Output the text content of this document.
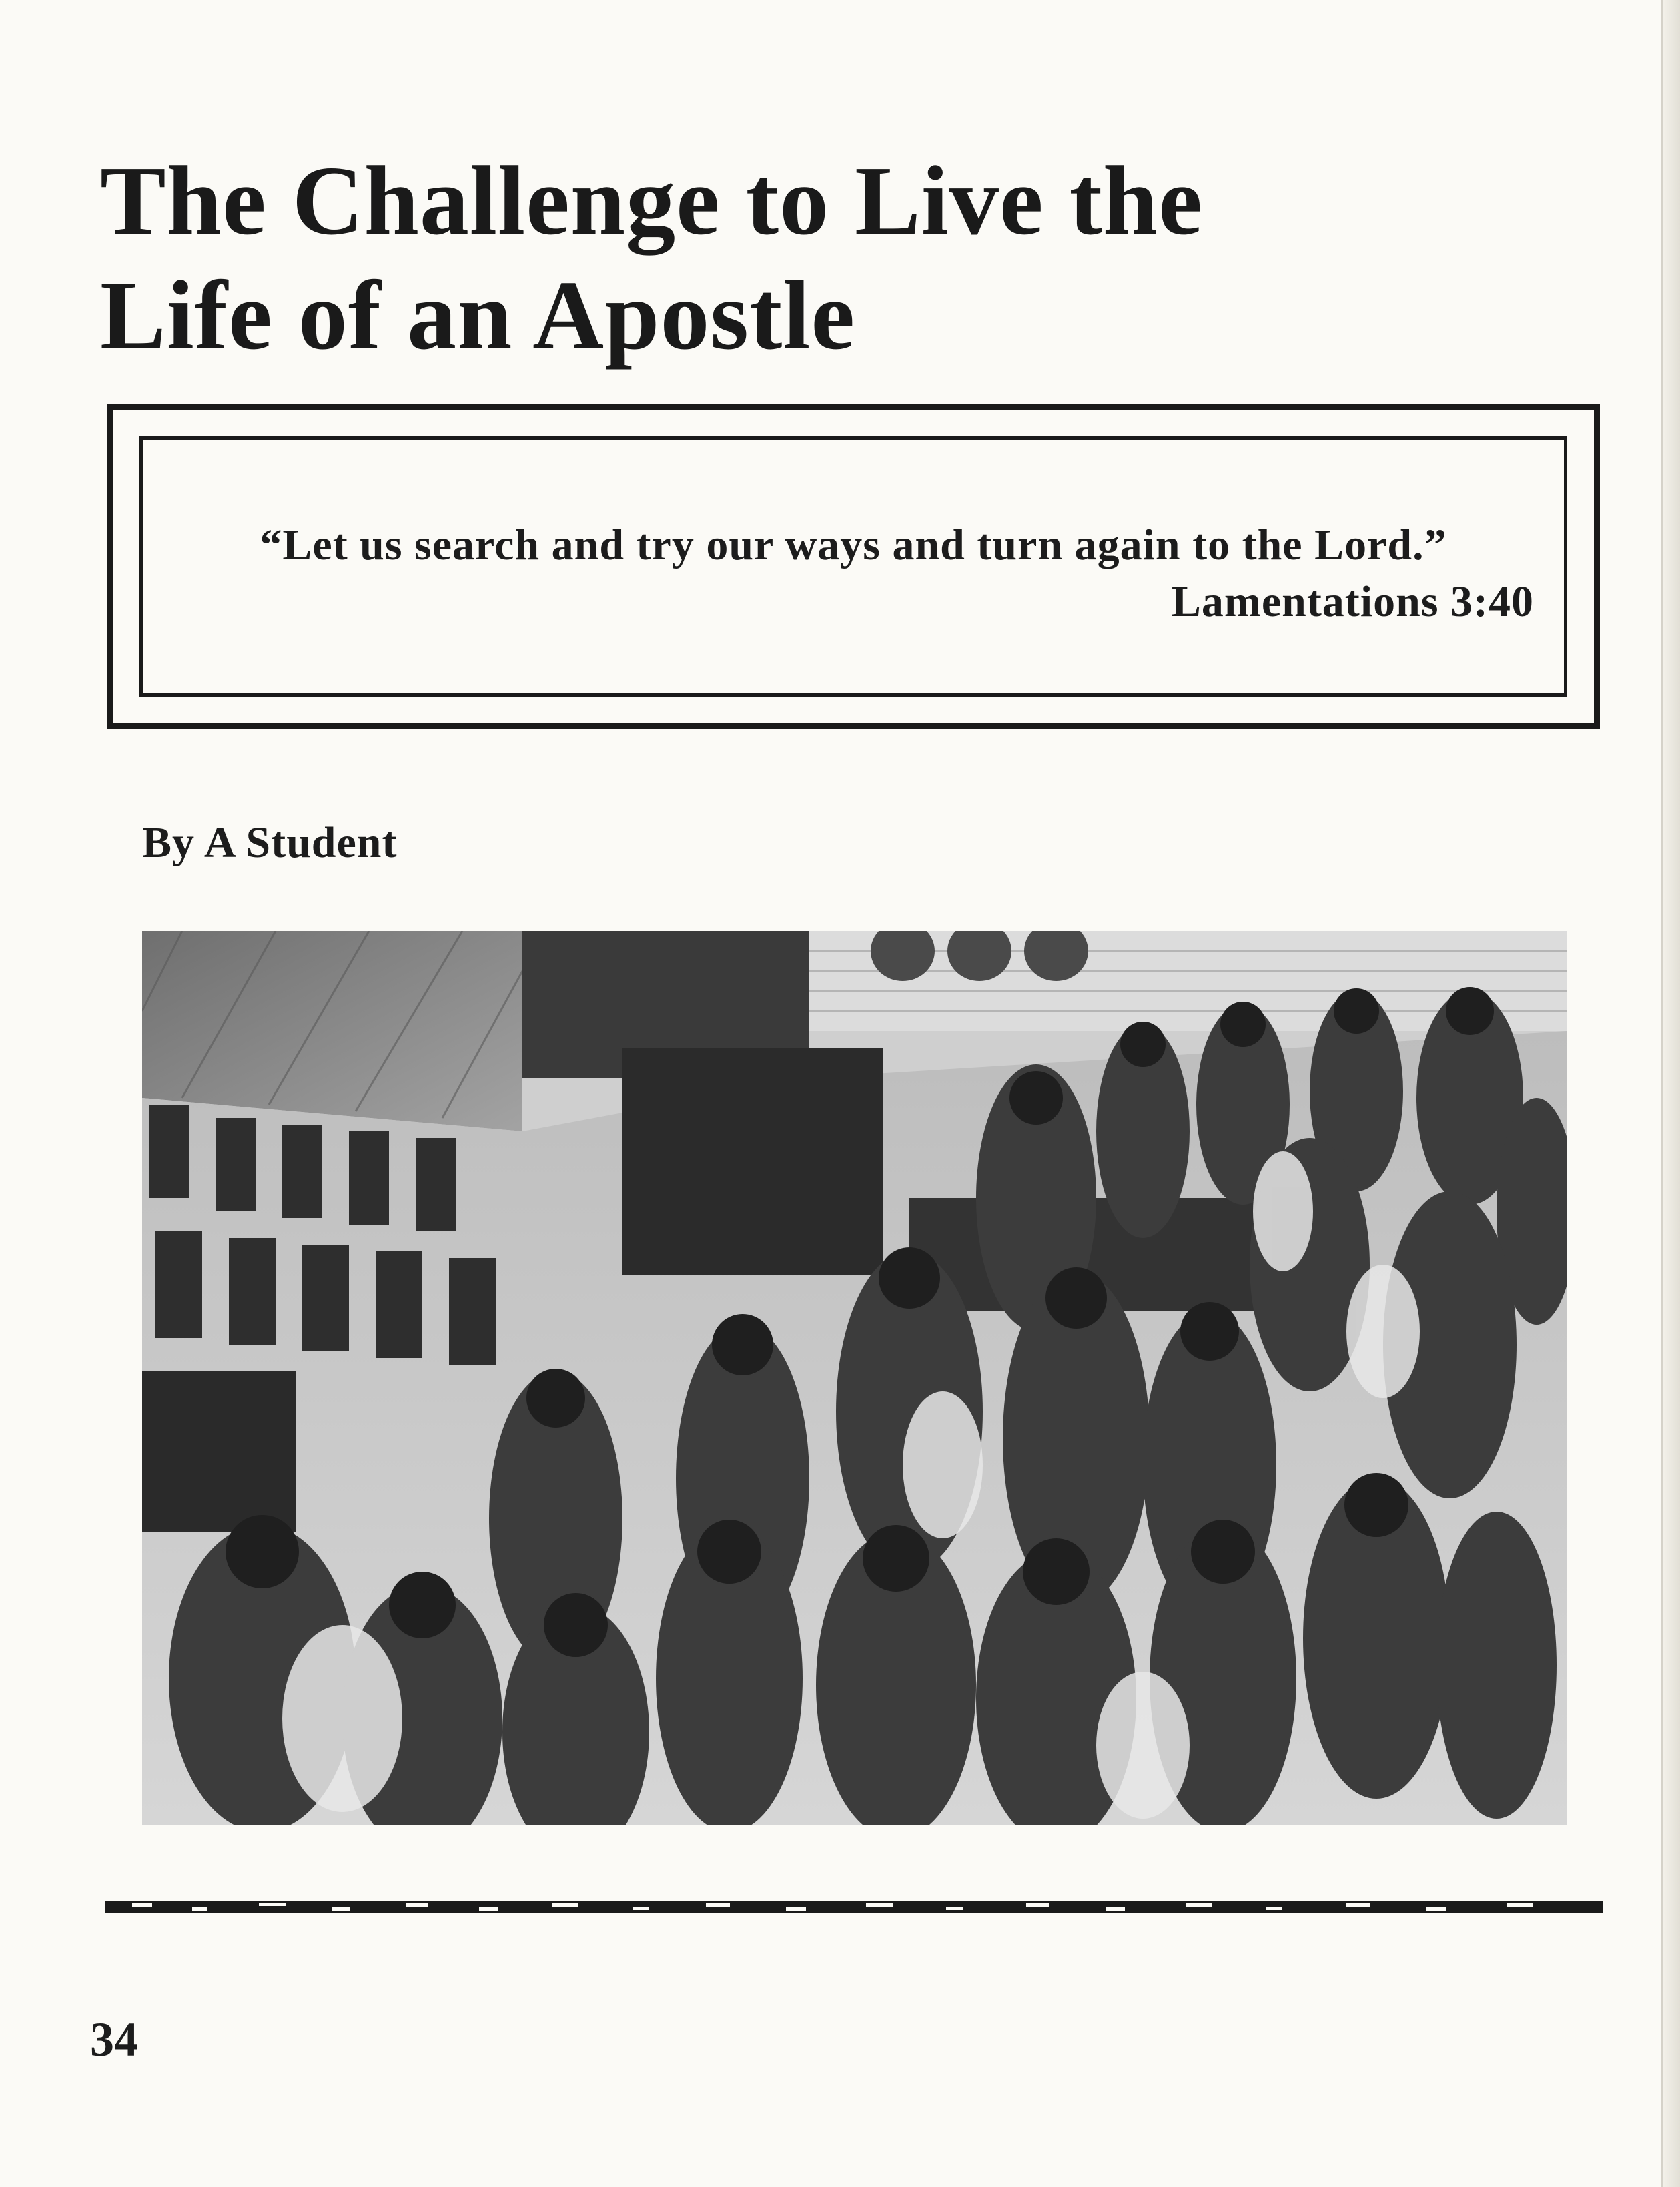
The Challenge to Live the
Life of an Apostle
“Let us search and try our ways and turn again to the Lord.”
Lamentations 3:40
By A Student
34
